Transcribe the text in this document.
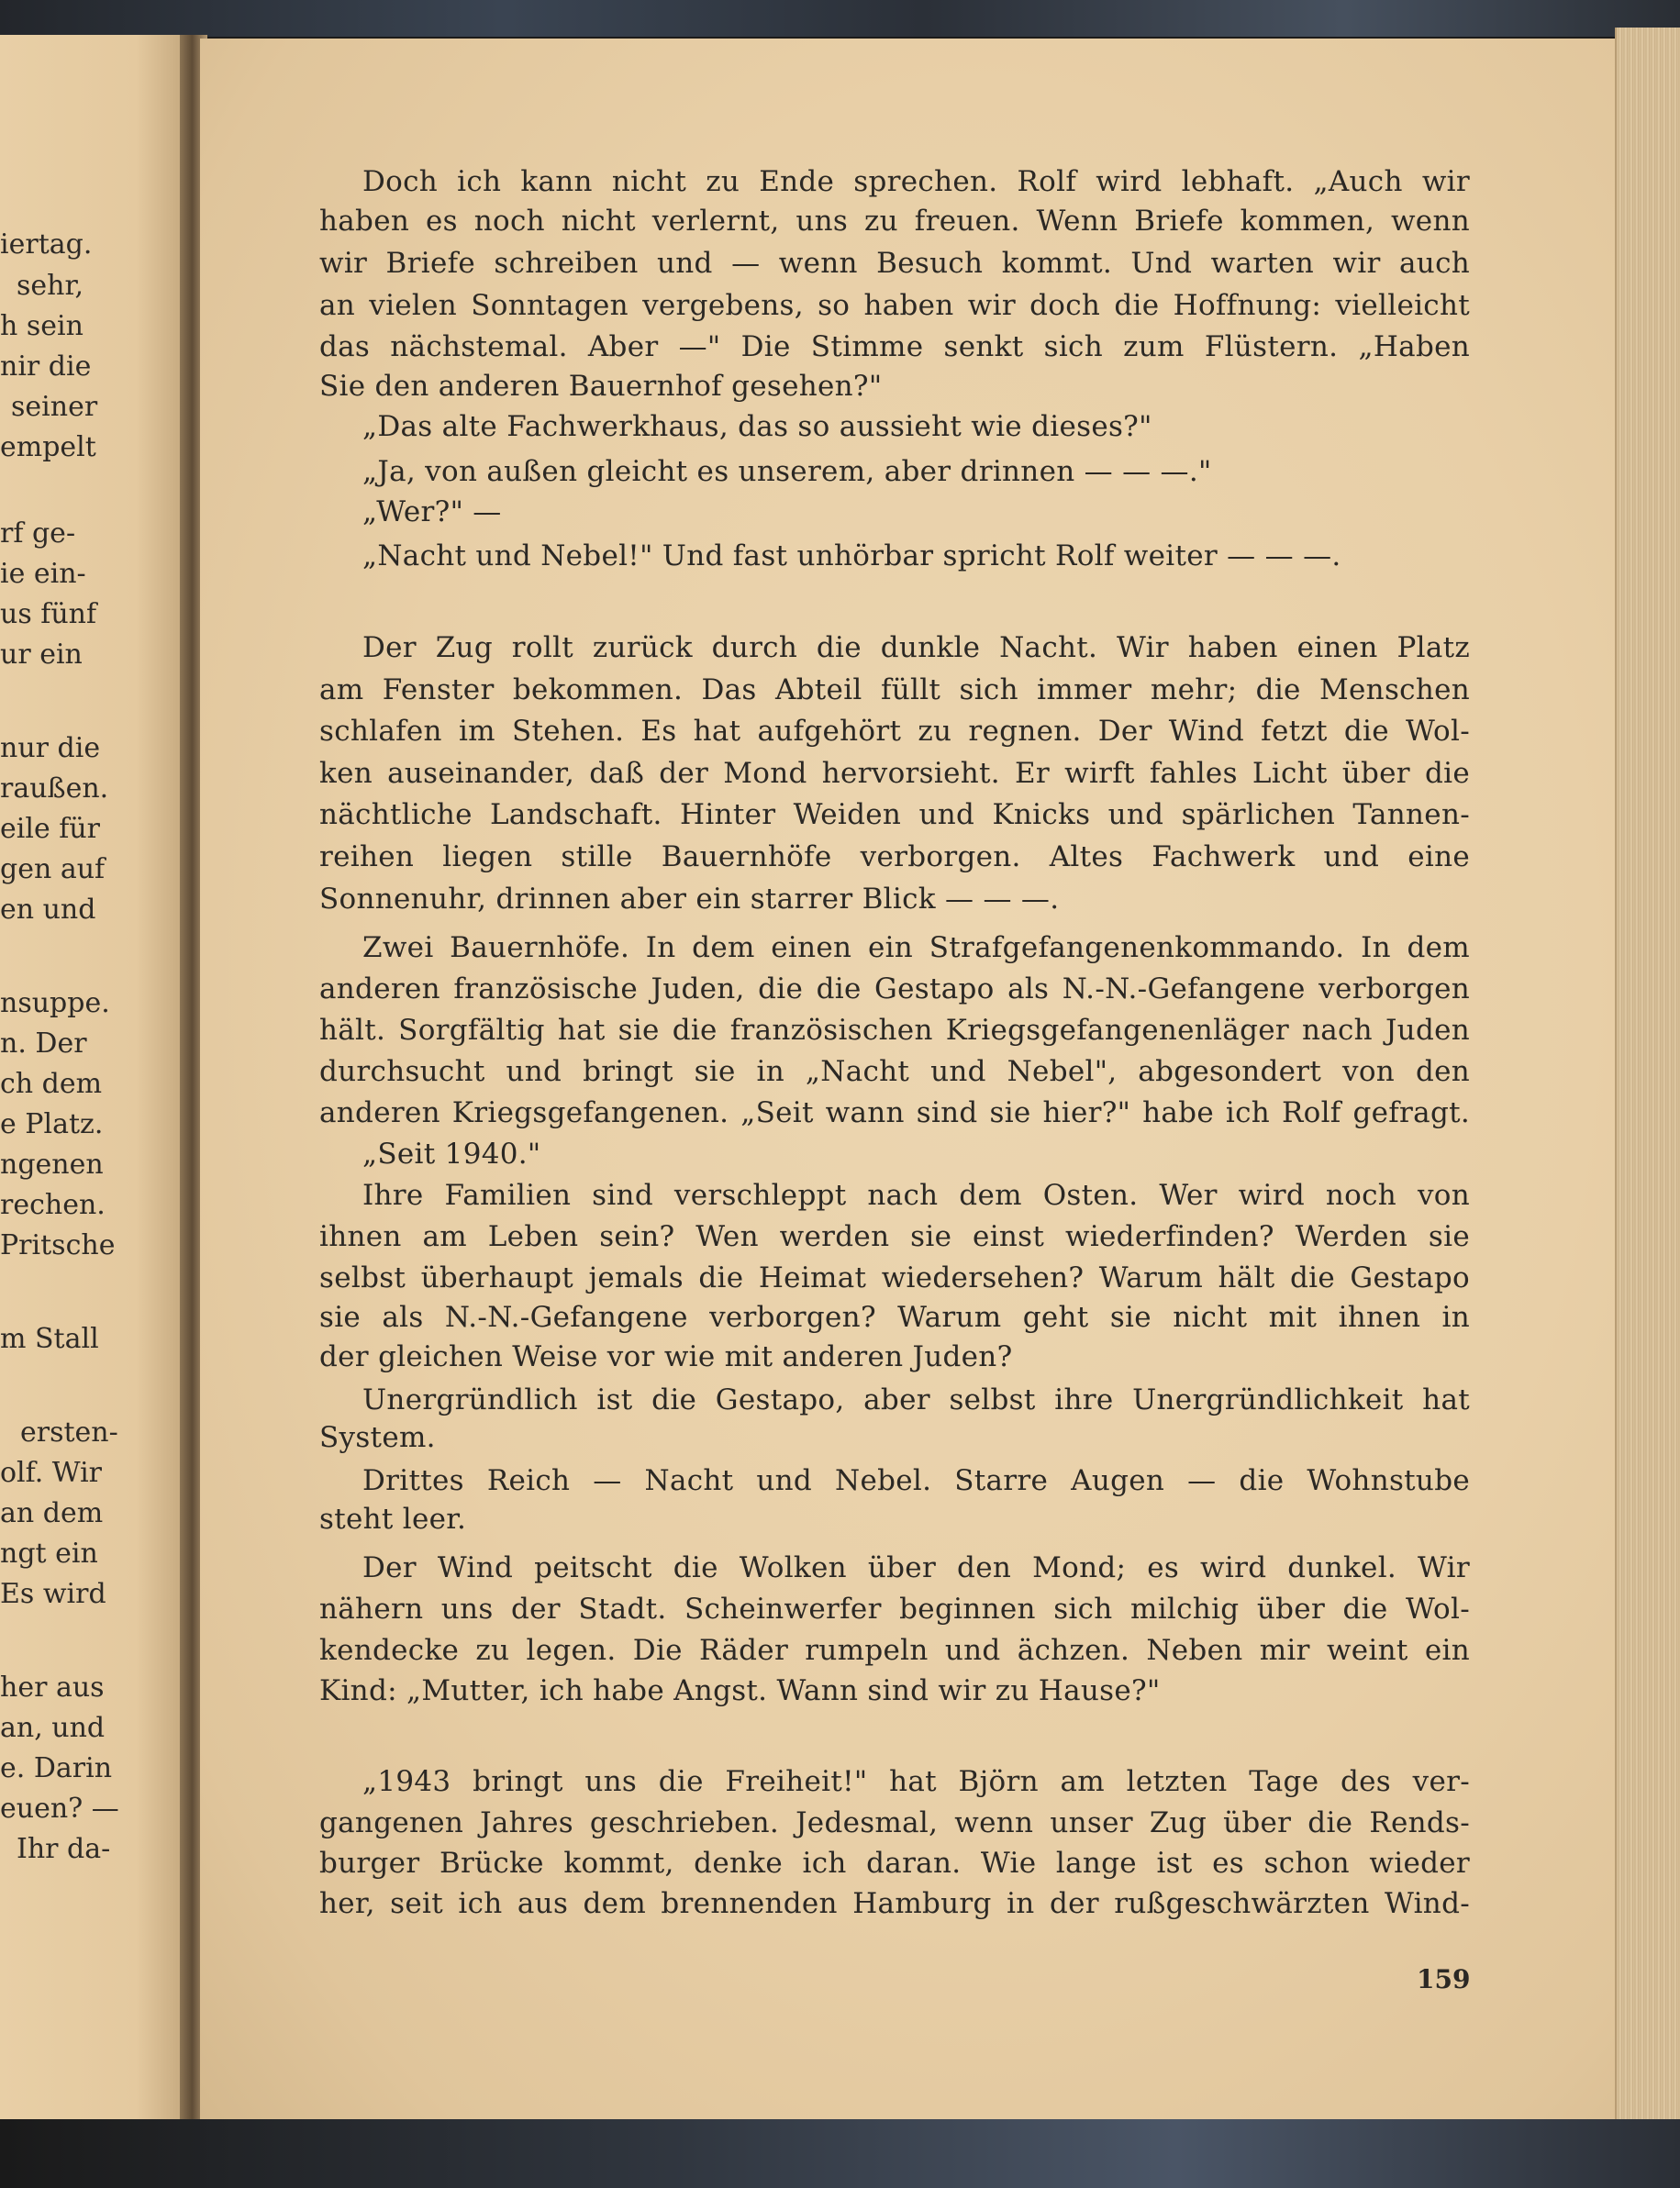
iertag.
sehr,
h sein
nir die
seiner
empelt
rf ge-
ie ein-
us fünf
ur ein
nur die
raußen.
eile für
gen auf
en und
nsuppe.
n. Der
ch dem
e Platz.
ngenen
rechen.
Pritsche
m Stall
ersten-
olf. Wir
an dem
ngt ein
Es wird
her aus
an, und
e. Darin
euen? —
Ihr da-
Doch ich kann nicht zu Ende sprechen. Rolf wird lebhaft. „Auch wir
haben es noch nicht verlernt, uns zu freuen. Wenn Briefe kommen, wenn
wir Briefe schreiben und — wenn Besuch kommt. Und warten wir auch
an vielen Sonntagen vergebens, so haben wir doch die Hoffnung: vielleicht
das nächstemal. Aber —" Die Stimme senkt sich zum Flüstern. „Haben
Sie den anderen Bauernhof gesehen?"
„Das alte Fachwerkhaus, das so aussieht wie dieses?"
„Ja, von außen gleicht es unserem, aber drinnen — — —."
„Wer?" —
„Nacht und Nebel!" Und fast unhörbar spricht Rolf weiter — — —.
Der Zug rollt zurück durch die dunkle Nacht. Wir haben einen Platz
am Fenster bekommen. Das Abteil füllt sich immer mehr; die Menschen
schlafen im Stehen. Es hat aufgehört zu regnen. Der Wind fetzt die Wol-
ken auseinander, daß der Mond hervorsieht. Er wirft fahles Licht über die
nächtliche Landschaft. Hinter Weiden und Knicks und spärlichen Tannen-
reihen liegen stille Bauernhöfe verborgen. Altes Fachwerk und eine
Sonnenuhr, drinnen aber ein starrer Blick — — —.
Zwei Bauernhöfe. In dem einen ein Strafgefangenenkommando. In dem
anderen französische Juden, die die Gestapo als N.-N.-Gefangene verborgen
hält. Sorgfältig hat sie die französischen Kriegsgefangenenläger nach Juden
durchsucht und bringt sie in „Nacht und Nebel", abgesondert von den
anderen Kriegsgefangenen. „Seit wann sind sie hier?" habe ich Rolf gefragt.
„Seit 1940."
Ihre Familien sind verschleppt nach dem Osten. Wer wird noch von
ihnen am Leben sein? Wen werden sie einst wiederfinden? Werden sie
selbst überhaupt jemals die Heimat wiedersehen? Warum hält die Gestapo
sie als N.-N.-Gefangene verborgen? Warum geht sie nicht mit ihnen in
der gleichen Weise vor wie mit anderen Juden?
Unergründlich ist die Gestapo, aber selbst ihre Unergründlichkeit hat
System.
Drittes Reich — Nacht und Nebel. Starre Augen — die Wohnstube
steht leer.
Der Wind peitscht die Wolken über den Mond; es wird dunkel. Wir
nähern uns der Stadt. Scheinwerfer beginnen sich milchig über die Wol-
kendecke zu legen. Die Räder rumpeln und ächzen. Neben mir weint ein
Kind: „Mutter, ich habe Angst. Wann sind wir zu Hause?"
„1943 bringt uns die Freiheit!" hat Björn am letzten Tage des ver-
gangenen Jahres geschrieben. Jedesmal, wenn unser Zug über die Rends-
burger Brücke kommt, denke ich daran. Wie lange ist es schon wieder
her, seit ich aus dem brennenden Hamburg in der rußgeschwärzten Wind-
159
